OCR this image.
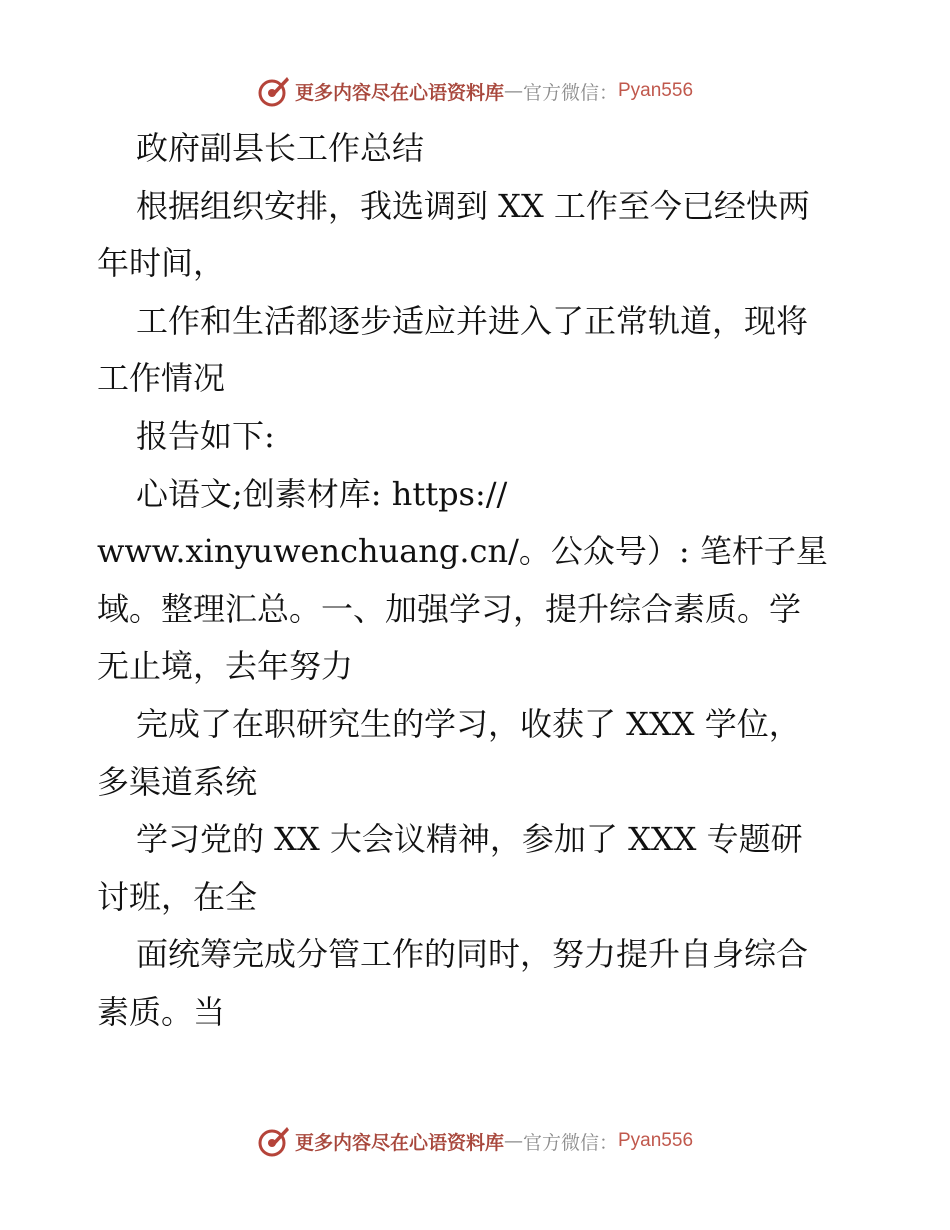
更多内容尽在心语资料库 — 官方微信： Pyan556
政府副县长工作总结
根据组织安排，我选调到 XX 工作至今已经快两
年时间，
工作和生活都逐步适应并进入了正常轨道，现将
工作情况
报告如下:
心语文;创素材库: https://
www.xinyuwenchuang.cn/。公众号）: 笔杆子星
域。整理汇总。一、加强学习，提升综合素质。学
无止境，去年努力
完成了在职研究生的学习，收获了 XXX 学位，
多渠道系统
学习党的 XX 大会议精神，参加了 XXX 专题研
讨班，在全
面统筹完成分管工作的同时，努力提升自身综合
素质。当
更多内容尽在心语资料库 — 官方微信： Pyan556
